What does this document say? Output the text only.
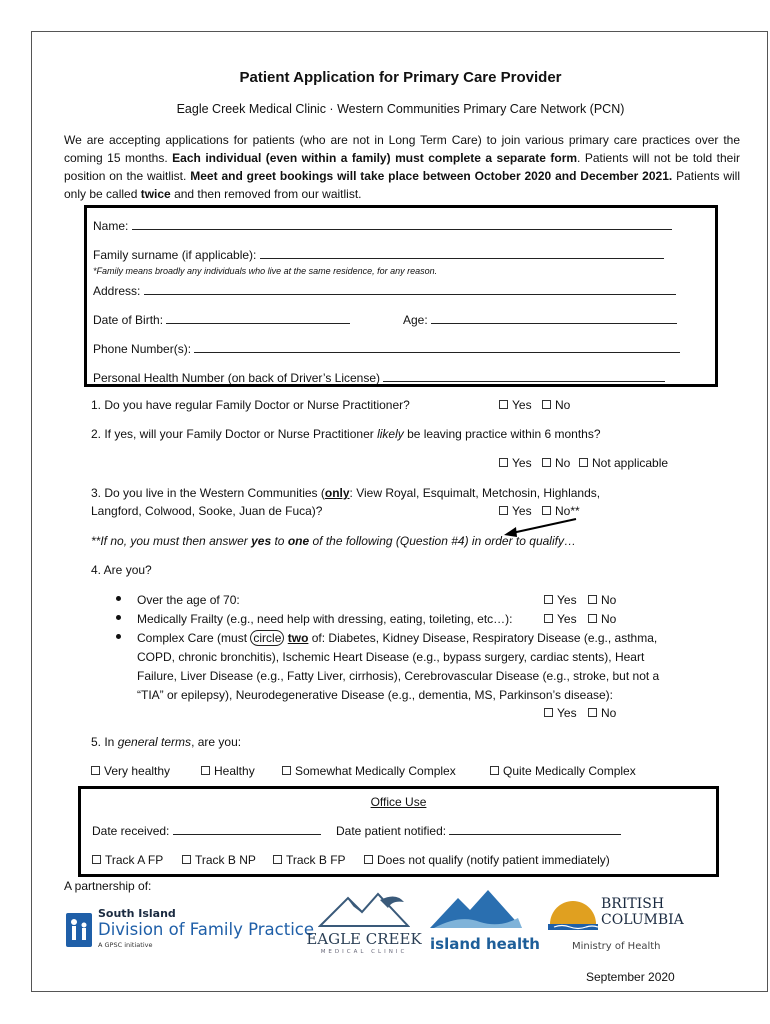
Patient Application for Primary Care Provider
Eagle Creek Medical Clinic · Western Communities Primary Care Network (PCN)
We are accepting applications for patients (who are not in Long Term Care) to join various primary care practices over the coming 15 months. Each individual (even within a family) must complete a separate form. Patients will not be told their position on the waitlist. Meet and greet bookings will take place between October 2020 and December 2021. Patients will only be called twice and then removed from our waitlist.
Name:
Family surname (if applicable):
*Family means broadly any individuals who live at the same residence, for any reason.
Address:
Date of Birth:	Age:
Phone Number(s):
Personal Health Number (on back of Driver’s License)
1. Do you have regular Family Doctor or Nurse Practitioner?	Yes	No
2. If yes, will your Family Doctor or Nurse Practitioner likely be leaving practice within 6 months?
Yes	No	Not applicable
3. Do you live in the Western Communities (only: View Royal, Esquimalt, Metchosin, Highlands,
Langford, Colwood, Sooke, Juan de Fuca)?	Yes	No**
**If no, you must then answer yes to one of the following (Question #4) in order to qualify…
4. Are you?
Over the age of 70:	Yes	No
Medically Frailty (e.g., need help with dressing, eating, toileting, etc…):	Yes	No
Complex Care (must circle two of: Diabetes, Kidney Disease, Respiratory Disease (e.g., asthma,
COPD, chronic bronchitis), Ischemic Heart Disease (e.g., bypass surgery, cardiac stents), Heart
Failure, Liver Disease (e.g., Fatty Liver, cirrhosis), Cerebrovascular Disease (e.g., stroke, but not a
“TIA” or epilepsy), Neurodegenerative Disease (e.g., dementia, MS, Parkinson’s disease):
Yes	No
5. In general terms, are you:
Very healthy	Healthy	Somewhat Medically Complex	Quite Medically Complex
Office Use
Date received:	Date patient notified:
Track A FP	Track B NP	Track B FP	Does not qualify (notify patient immediately)
A partnership of:
South Island
Division of Family Practice
A GPSC initiative	EAGLE CREEK
MEDICAL CLINIC	island health
BRITISH
COLUMBIA
Ministry of Health
September 2020
